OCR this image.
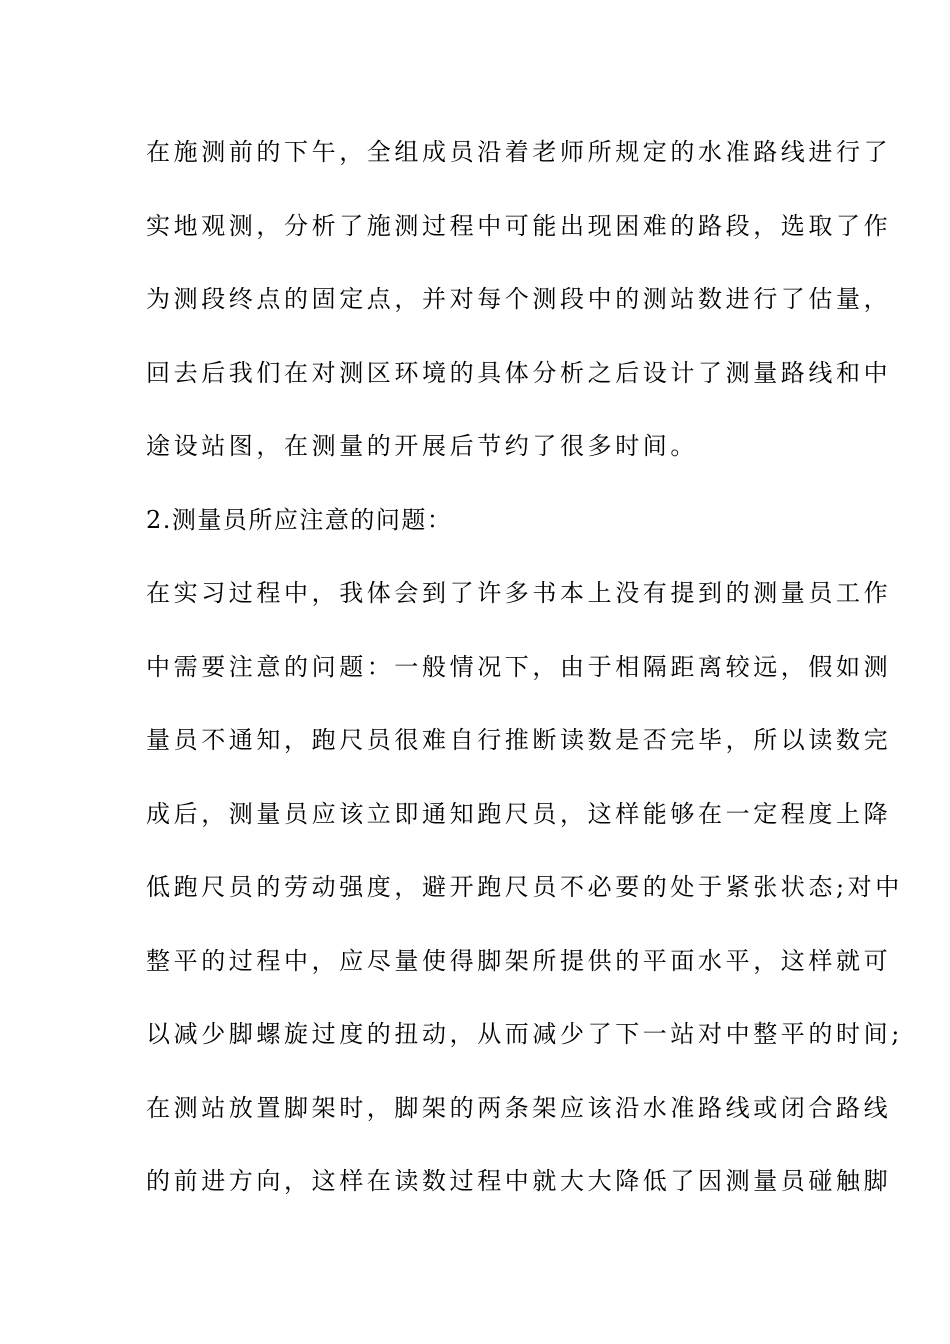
在施测前的下午，全组成员沿着老师所规定的水准路线进行了
实地观测，分析了施测过程中可能出现困难的路段，选取了作
为测段终点的固定点，并对每个测段中的测站数进行了估量，
回去后我们在对测区环境的具体分析之后设计了测量路线和中
途设站图，在测量的开展后节约了很多时间。
2.测量员所应注意的问题：
在实习过程中，我体会到了许多书本上没有提到的测量员工作
中需要注意的问题：一般情况下，由于相隔距离较远，假如测
量员不通知，跑尺员很难自行推断读数是否完毕，所以读数完
成后，测量员应该立即通知跑尺员，这样能够在一定程度上降
低跑尺员的劳动强度，避开跑尺员不必要的处于紧张状态;对中
整平的过程中，应尽量使得脚架所提供的平面水平，这样就可
以减少脚螺旋过度的扭动，从而减少了下一站对中整平的时间;
在测站放置脚架时，脚架的两条架应该沿水准路线或闭合路线
的前进方向，这样在读数过程中就大大降低了因测量员碰触脚
